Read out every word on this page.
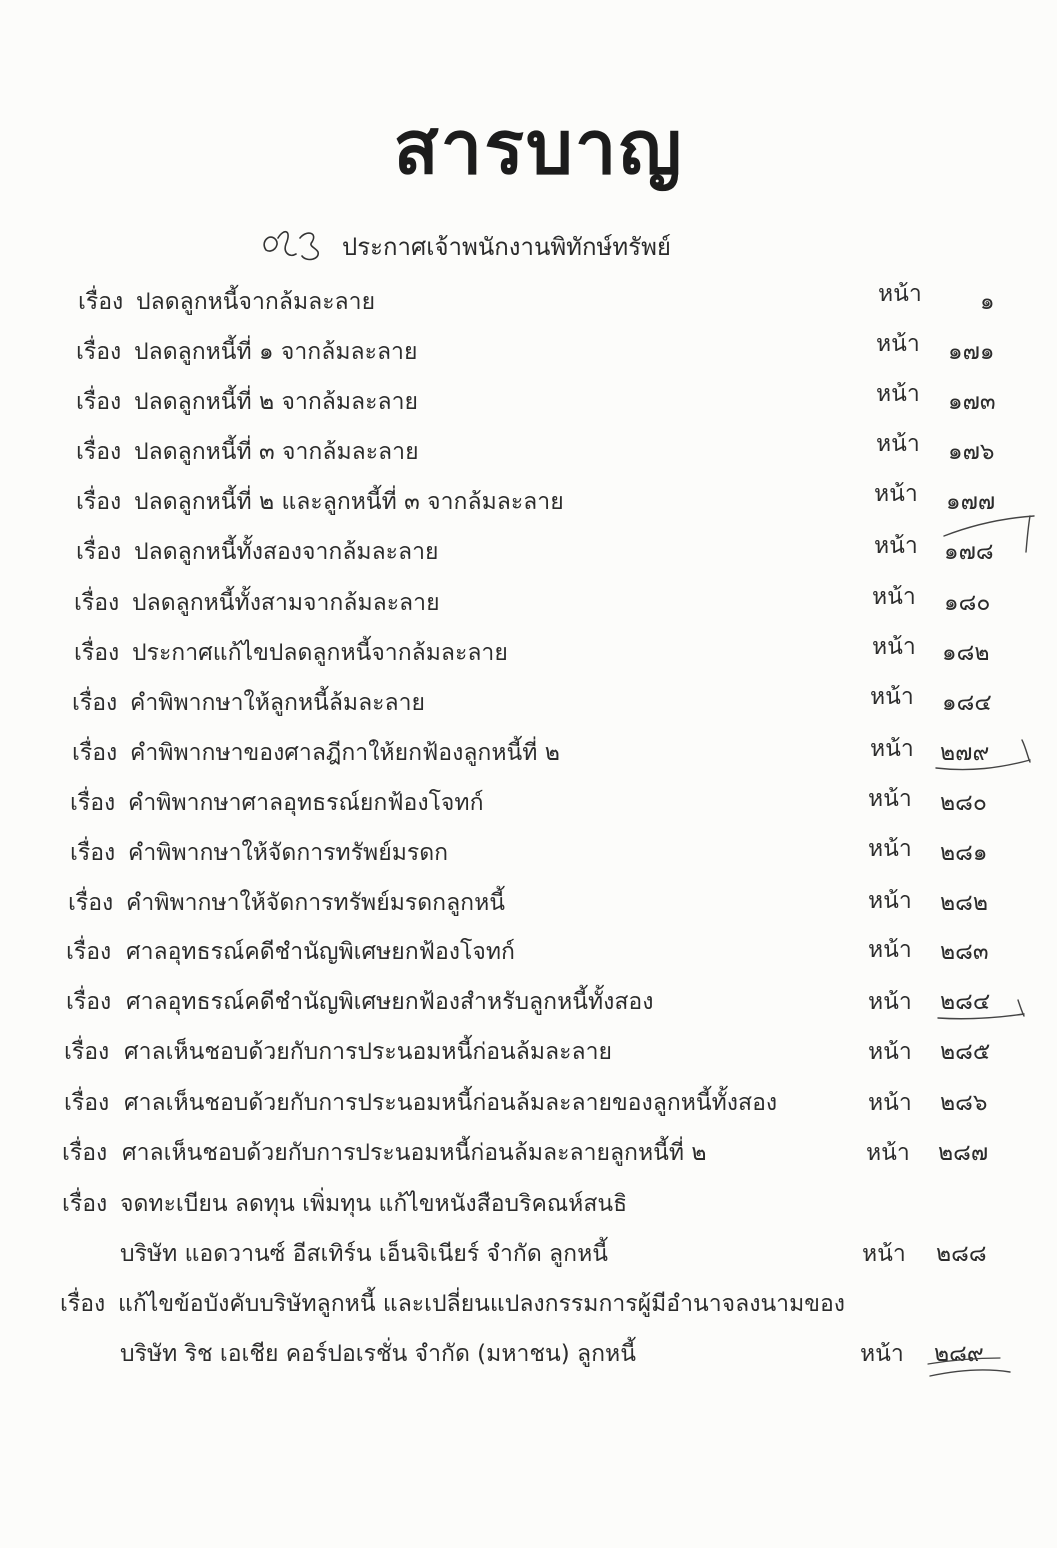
สารบาญ
ประกาศเจ้าพนักงานพิทักษ์ทรัพย์
เรื่อง ปลดลูกหนี้จากล้มละลาย	หน้า	๑
เรื่อง ปลดลูกหนี้ที่ ๑ จากล้มละลาย	หน้า ๑๗๑
เรื่อง ปลดลูกหนี้ที่ ๒ จากล้มละลาย	หน้า ๑๗๓
เรื่อง ปลดลูกหนี้ที่ ๓ จากล้มละลาย	หน้า ๑๗๖
เรื่อง ปลดลูกหนี้ที่ ๒ และลูกหนี้ที่ ๓ จากล้มละลาย	หน้า ๑๗๗
เรื่อง ปลดลูกหนี้ทั้งสองจากล้มละลาย	หน้า ๑๗๘
เรื่อง ปลดลูกหนี้ทั้งสามจากล้มละลาย	หน้า ๑๘๐
เรื่อง ประกาศแก้ไขปลดลูกหนี้จากล้มละลาย	หน้า ๑๘๒
เรื่อง คำพิพากษาให้ลูกหนี้ล้มละลาย	หน้า ๑๘๔
เรื่อง คำพิพากษาของศาลฎีกาให้ยกฟ้องลูกหนี้ที่ ๒	หน้า ๒๗๙
เรื่อง คำพิพากษาศาลอุทธรณ์ยกฟ้องโจทก์	หน้า ๒๘๐
เรื่อง คำพิพากษาให้จัดการทรัพย์มรดก	หน้า ๒๘๑
เรื่อง คำพิพากษาให้จัดการทรัพย์มรดกลูกหนี้	หน้า ๒๘๒
เรื่อง ศาลอุทธรณ์คดีชำนัญพิเศษยกฟ้องโจทก์	หน้า ๒๘๓
เรื่อง ศาลอุทธรณ์คดีชำนัญพิเศษยกฟ้องสำหรับลูกหนี้ทั้งสอง	หน้า ๒๘๔
เรื่อง ศาลเห็นชอบด้วยกับการประนอมหนี้ก่อนล้มละลาย	หน้า ๒๘๕
เรื่อง ศาลเห็นชอบด้วยกับการประนอมหนี้ก่อนล้มละลายของลูกหนี้ทั้งสอง	หน้า ๒๘๖
เรื่อง ศาลเห็นชอบด้วยกับการประนอมหนี้ก่อนล้มละลายลูกหนี้ที่ ๒	หน้า ๒๘๗
เรื่อง จดทะเบียน ลดทุน เพิ่มทุน แก้ไขหนังสือบริคณห์สนธิ
บริษัท แอดวานซ์ อีสเทิร์น เอ็นจิเนียร์ จำกัด ลูกหนี้	หน้า ๒๘๘
เรื่อง แก้ไขข้อบังคับบริษัทลูกหนี้ และเปลี่ยนแปลงกรรมการผู้มีอำนาจลงนามของ
บริษัท ริช เอเชีย คอร์ปอเรชั่น จำกัด (มหาชน) ลูกหนี้	หน้า ๒๘๙
